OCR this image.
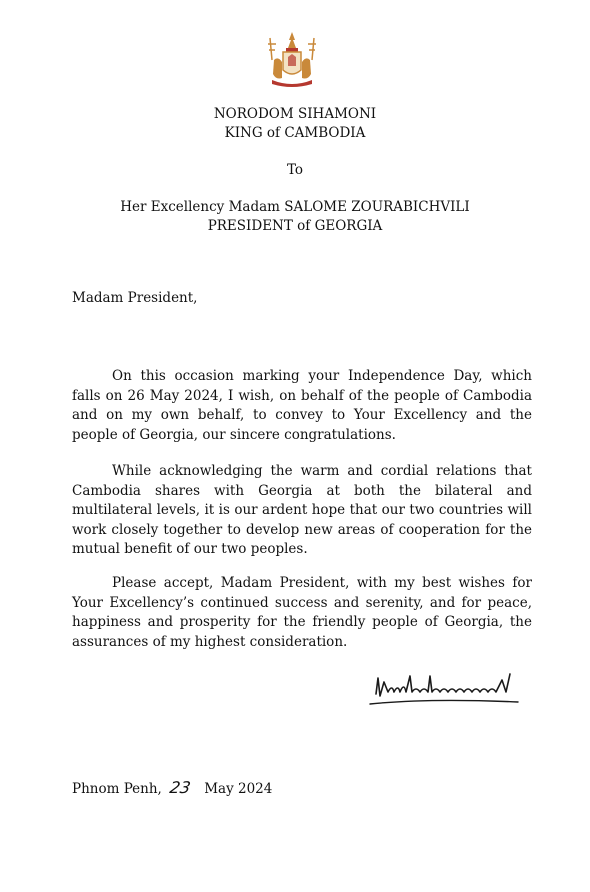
NORODOM SIHAMONI
KING of CAMBODIA
To
Her Excellency Madam SALOME ZOURABICHVILI
PRESIDENT of GEORGIA
Madam President,

On this occasion marking your Independence Day, which falls on 26 May 2024, I wish, on behalf of the people of Cambodia and on my own behalf, to convey to Your Excellency and the people of Georgia, our sincere congratulations.

While acknowledging the warm and cordial relations that Cambodia shares with Georgia at both the bilateral and multilateral levels, it is our ardent hope that our two countries will work closely together to develop new areas of cooperation for the mutual benefit of our two peoples.

Please accept, Madam President, with my best wishes for Your Excellency’s continued success and serenity, and for peace, happiness and prosperity for the friendly people of Georgia, the assurances of my highest consideration.

Phnom Penh, 23 May 2024
